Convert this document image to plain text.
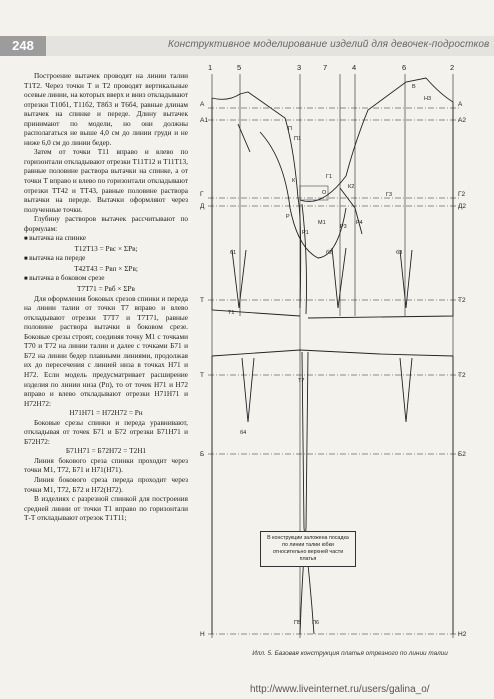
248	Конструктивное моделирование изделий для девочек-подростков

Построение вытачек проводят на линии талии Т1Т2. Через точки Т и Т2 проводят вертикальные осевые линии, на которых вверх и вниз откладывают отрезки Т10б1, Т11б2, Т8б3 и Т6б4, равные длинам вытачек на спинке и переде. Длину вытачек принимают по модели, но они должны располагаться не выше 4,0 см до линии груди и не ниже 6,0 см до линии бедер.

Затем от точки Т11 вправо и влево по горизонтали откладывают отрезки Т11Т12 и Т11Т13, равные половине раствора вытачки на спинке, а от точки Т вправо и влево по горизонтали откладывают отрезки ТТ42 и ТТ43, равные половине раствора вытачки на переде. Вытачки оформляют через полученные точки.

Глубину растворов вытачек рассчитывают по формулам:

■ вытачка на спинке

Т12Т13 = Рвс × ΣРв;

■ вытачка на переде

Т42Т43 = Рвп × ΣРв;

■ вытачка в боковом срезе

Т7Т71 = Рвб × ΣРв

Для оформления боковых срезов спинки и переда на линии талии от точки Т7 вправо и влево откладывают отрезки Т7Т7 и Т7Т71, равные половине раствора вытачки в боковом срезе. Боковые срезы строят, соединяя точку М1 с точками Т70 и Т72 на линии талии и далее с точками Б71 и Б72 на линии бедер плавными линиями, продолжая их до пересечения с линией низа в точках Н71 и Н72. Если модель предусматривает расширение изделия по линии низа (Рп), то от точек Н71 и Н72 вправо и влево откладывают отрезки Н71Н71 и Н72Н72:

Н71Н71 = Н72Н72 = Рн

Боковые срезы спинки и переда уравнивают, откладывая от точек Б71 и Б72 отрезки Б71Н71 и Б72Н72:

Б71Н71 = Б72Н72 = Т2Н1

Линия бокового среза спинки проходит через точки М1, Т72, Б71 и Н71(Н71).

Линия бокового среза переда проходит через точки М1, Т72, Б72 и Н72(Н72).

В изделиях с разрезной спинкой для построения средней линии от точки Т1 вправо по горизонтали Т-Т откладывают отрезок Т1Т11;

1	5	3	7	4	6	2
А
А1
Г
Д
Т
Т
Б
Н
А
А2
Г2
Д2
Т2
Т2
Б2
Н2
П
П1
О
К
К2
Г1
Г3
М1
Р
Р1
Р3
Р4
б1	б2	б3
б4
В
Н3
П5 П6
Т1
Т7
В конструкции заложена посадка по линии талии юбки относительно верхней части платья
Илл. 5. Базовая конструкция платья отрезного по линии талии
http://www.liveinternet.ru/users/galina_o/
